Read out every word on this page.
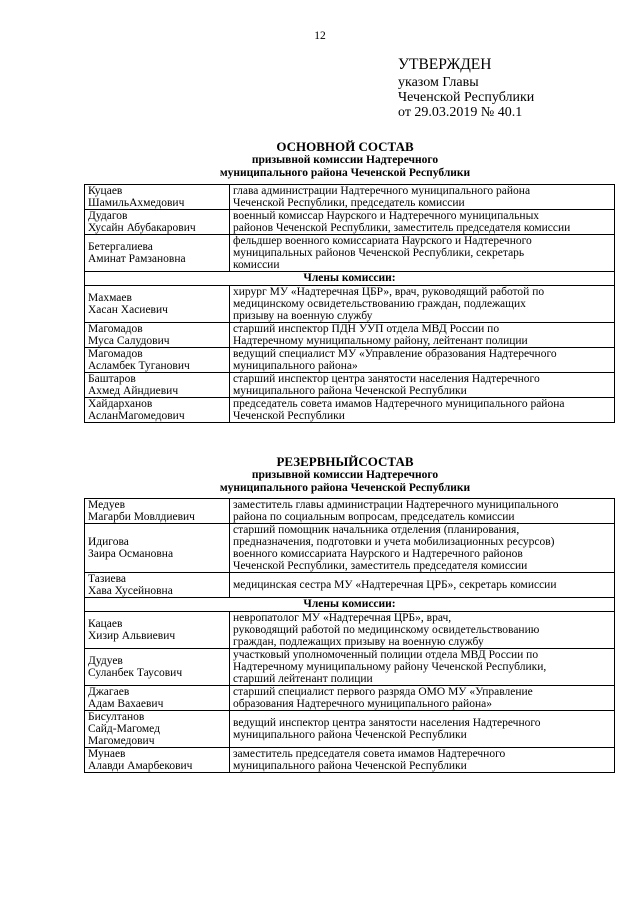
12
УТВЕРЖДЕН
указом Главы
Чеченской Республики
от 29.03.2019 № 40.1
ОСНОВНОЙ СОСТАВ
призывной комиссии Надтеречного
муниципального района Чеченской Республики
Куцаев
ШамильАхмедович	глава администрации Надтеречного муниципального района
Чеченской Республики, председатель комиссии

Дудагов
Хусайн Абубакарович	военный комиссар Наурского и Надтеречного муниципальных
районов Чеченской Республики, заместитель председателя комиссии

Бетергалиева
Аминат Рамзановна	фельдшер военного комиссариата Наурского и Надтеречного
муниципальных районов Чеченской Республики, секретарь
комиссии

Члены комиссии:	

Махмаев
Хасан Хасиевич	хирург МУ «Надтеречная ЦБР», врач, руководящий работой по
медицинскому освидетельствованию граждан, подлежащих
призыву на военную службу

Магомадов
Муса Салудович	старший инспектор ПДН УУП отдела МВД России по
Надтеречному муниципальному району, лейтенант полиции

Магомадов
Асламбек Туганович	ведущий специалист МУ «Управление образования Надтеречного
муниципального района»

Баштаров
Ахмед Айндиевич	старший инспектор центра занятости населения Надтеречного
муниципального района Чеченской Республики

Хайдарханов
АсланМагомедович	председатель совета имамов Надтеречного муниципального района
Чеченской Республики
РЕЗЕРВНЫЙСОСТАВ
призывной комиссии Надтеречного
муниципального района Чеченской Республики
Медуев
Магарби Мовлдиевич	заместитель главы администрации Надтеречного муниципального
района по социальным вопросам, председатель комиссии

Идигова
Заира Османовна	старший помощник начальника отделения (планирования,
предназначения, подготовки и учета мобилизационных ресурсов)
военного комиссариата Наурского и Надтеречного районов
Чеченской Республики, заместитель председателя комиссии

Тазиева
Хава Хусейновна	медицинская сестра МУ «Надтеречная ЦРБ», секретарь комиссии

Члены комиссии:	

Кацаев
Хизир Альвиевич	невропатолог МУ «Надтеречная ЦРБ», врач,
руководящий работой по медицинскому освидетельствованию
граждан, подлежащих призыву на военную службу

Дудуев
Суланбек Таусович	участковый уполномоченный полиции отдела МВД России по
Надтеречному муниципальному району Чеченской Республики,
старший лейтенант полиции

Джагаев
Адам Вахаевич	старший специалист первого разряда ОМО МУ «Управление
образования Надтеречного муниципального района»

Бисултанов
Сайд-Магомед
Магомедович	ведущий инспектор центра занятости населения Надтеречного
муниципального района Чеченской Республики

Мунаев
Алавди Амарбекович	заместитель председателя совета имамов Надтеречного
муниципального района Чеченской Республики
